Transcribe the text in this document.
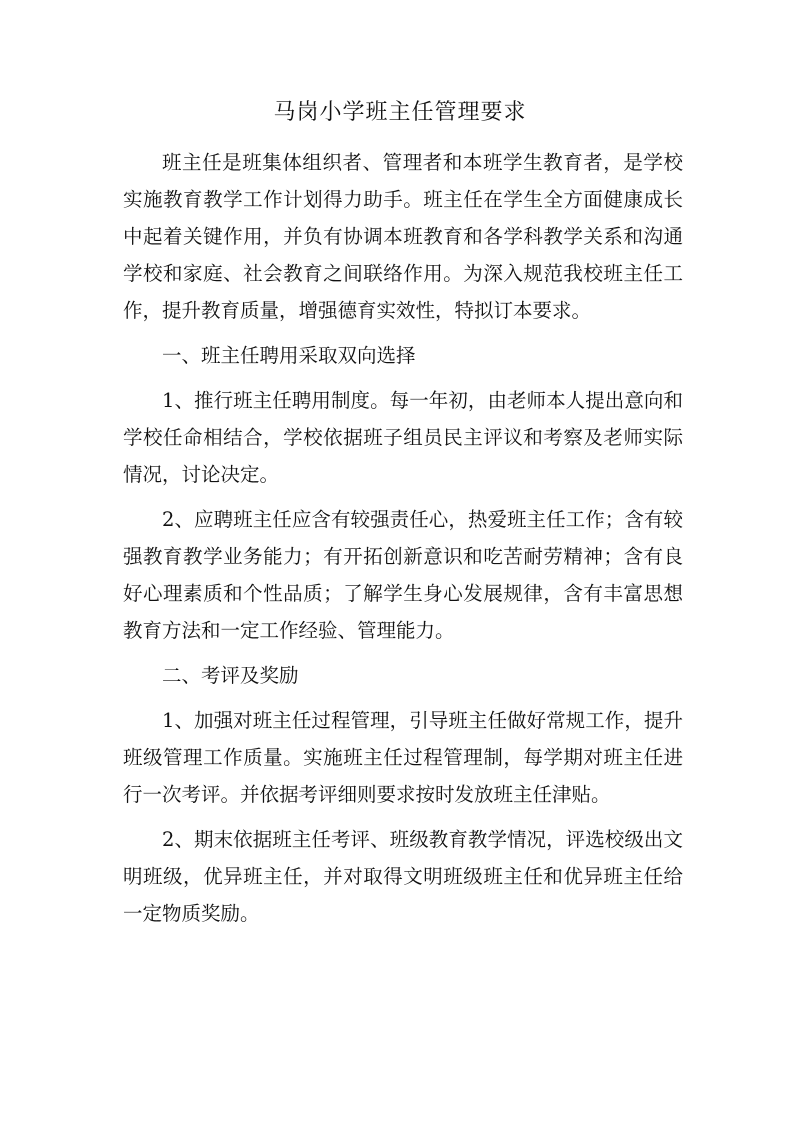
马岗小学班主任管理要求

班主任是班集体组织者、管理者和本班学生教育者，是学校实施教育教学工作计划得力助手。班主任在学生全方面健康成长中起着关键作用，并负有协调本班教育和各学科教学关系和沟通学校和家庭、社会教育之间联络作用。为深入规范我校班主任工作，提升教育质量，增强德育实效性，特拟订本要求。

一、班主任聘用采取双向选择

1、推行班主任聘用制度。每一年初，由老师本人提出意向和学校任命相结合，学校依据班子组员民主评议和考察及老师实际情况，讨论决定。

2、应聘班主任应含有较强责任心，热爱班主任工作；含有较强教育教学业务能力；有开拓创新意识和吃苦耐劳精神；含有良好心理素质和个性品质；了解学生身心发展规律，含有丰富思想教育方法和一定工作经验、管理能力。

二、考评及奖励

1、加强对班主任过程管理，引导班主任做好常规工作，提升班级管理工作质量。实施班主任过程管理制，每学期对班主任进行一次考评。并依据考评细则要求按时发放班主任津贴。

2、期末依据班主任考评、班级教育教学情况，评选校级出文明班级，优异班主任，并对取得文明班级班主任和优异班主任给一定物质奖励。
